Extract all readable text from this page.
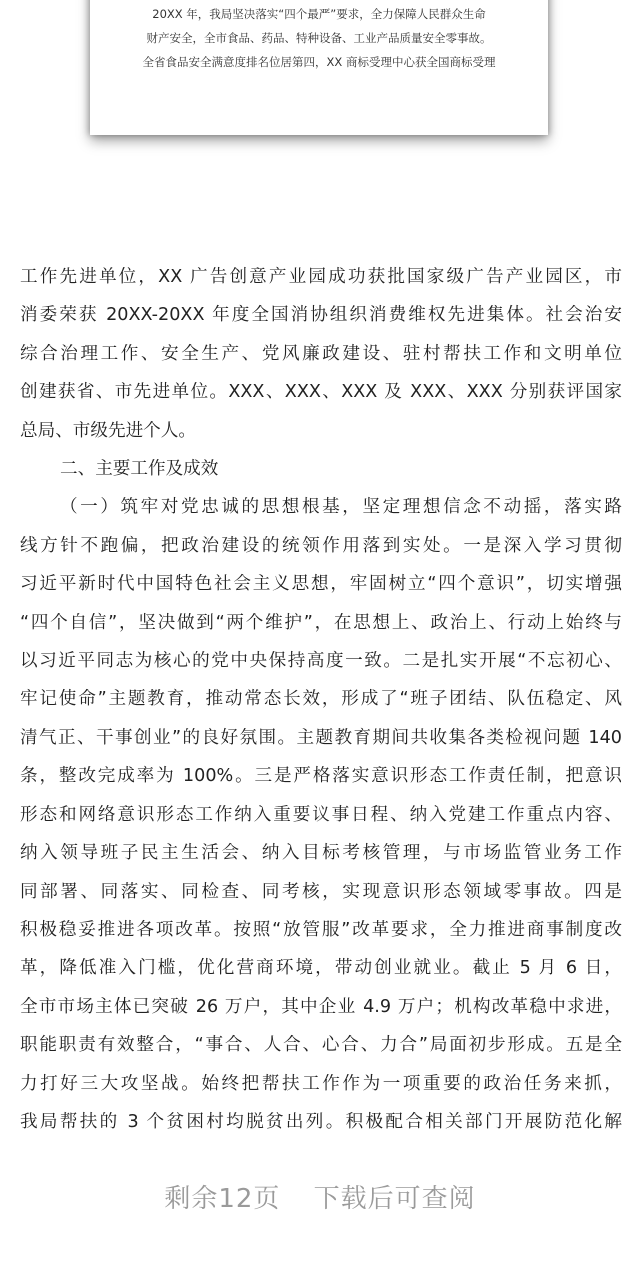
20XX 年，我局坚决落实“四个最严”要求，全力保障人民群众生命
财产安全，全市食品、药品、特种设备、工业产品质量安全零事故。
全省食品安全满意度排名位居第四，XX 商标受理中心获全国商标受理

工作先进单位，XX 广告创意产业园成功获批国家级广告产业园区，市

消委荣获 20XX-20XX 年度全国消协组织消费维权先进集体。社会治安

综合治理工作、安全生产、党风廉政建设、驻村帮扶工作和文明单位

创建获省、市先进单位。XXX、XXX、XXX 及 XXX、XXX 分别获评国家

总局、市级先进个人。

二、主要工作及成效

（一）筑牢对党忠诚的思想根基，坚定理想信念不动摇，落实路

线方针不跑偏，把政治建设的统领作用落到实处。一是深入学习贯彻

习近平新时代中国特色社会主义思想，牢固树立“四个意识”，切实增强

“四个自信”，坚决做到“两个维护”，在思想上、政治上、行动上始终与

以习近平同志为核心的党中央保持高度一致。二是扎实开展“不忘初心、

牢记使命”主题教育，推动常态长效，形成了“班子团结、队伍稳定、风

清气正、干事创业”的良好氛围。主题教育期间共收集各类检视问题 140

条，整改完成率为 100%。三是严格落实意识形态工作责任制，把意识

形态和网络意识形态工作纳入重要议事日程、纳入党建工作重点内容、

纳入领导班子民主生活会、纳入目标考核管理，与市场监管业务工作

同部署、同落实、同检查、同考核，实现意识形态领域零事故。四是

积极稳妥推进各项改革。按照“放管服”改革要求，全力推进商事制度改

革，降低准入门槛，优化营商环境，带动创业就业。截止 5 月 6 日，

全市市场主体已突破 26 万户，其中企业 4.9 万户；机构改革稳中求进，

职能职责有效整合，“事合、人合、心合、力合”局面初步形成。五是全

力打好三大攻坚战。始终把帮扶工作作为一项重要的政治任务来抓，

我局帮扶的 3 个贫困村均脱贫出列。积极配合相关部门开展防范化解

剩余12页 下载后可查阅
